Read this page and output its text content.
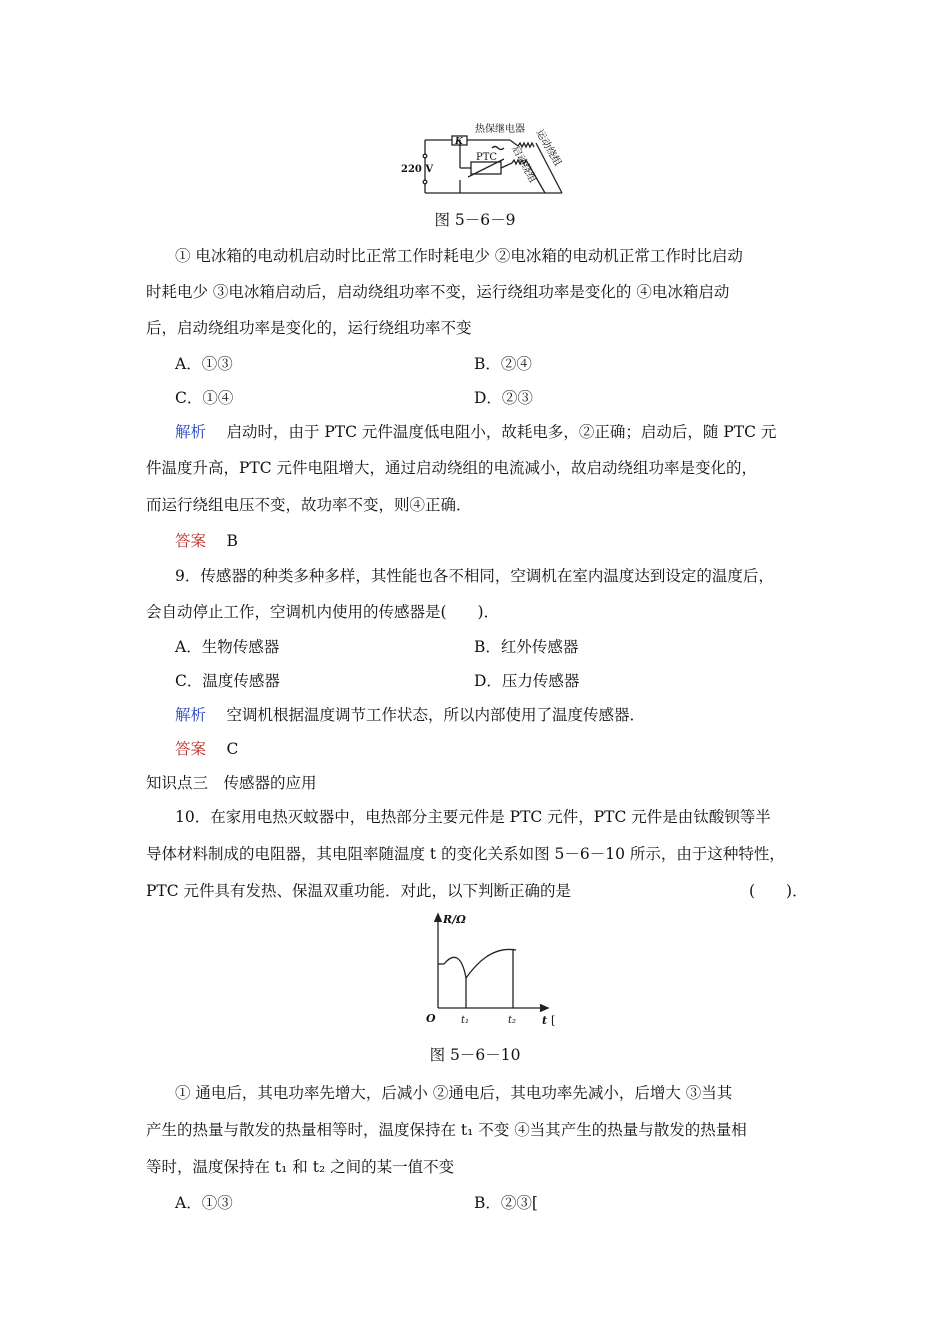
热保继电器
K
PTC
220 V
运动绕组
启动绕组
图 5－6－9
① 电冰箱的电动机启动时比正常工作时耗电少 ②电冰箱的电动机正常工作时比启动
时耗电少 ③电冰箱启动后，启动绕组功率不变，运行绕组功率是变化的 ④电冰箱启动
后，启动绕组功率是变化的，运行绕组功率不变
A．①③	B．②④
C．①④	D．②③
解析　 启动时，由于 PTC 元件温度低电阻小，故耗电多，②正确；启动后，随 PTC 元
件温度升高，PTC 元件电阻增大，通过启动绕组的电流减小，故启动绕组功率是变化的，
而运行绕组电压不变，故功率不变，则④正确．
答案　 B
9．传感器的种类多种多样，其性能也各不相同，空调机在室内温度达到设定的温度后，
会自动停止工作，空调机内使用的传感器是(　　)．
A．生物传感器	B．红外传感器
C．温度传感器	D．压力传感器
解析　 空调机根据温度调节工作状态，所以内部使用了温度传感器．
答案　 C
知识点三　传感器的应用
10．在家用电热灭蚊器中，电热部分主要元件是 PTC 元件，PTC 元件是由钛酸钡等半
导体材料制成的电阻器，其电阻率随温度 t 的变化关系如图 5－6－10 所示，由于这种特性，
PTC 元件具有发热、保温双重功能．对此，以下判断正确的是	(　　)．
R/Ω
O	t₁	t₂ t [
图 5－6－10
① 通电后，其电功率先增大，后减小 ②通电后，其电功率先减小，后增大 ③当其
产生的热量与散发的热量相等时，温度保持在 t₁ 不变 ④当其产生的热量与散发的热量相
等时，温度保持在 t₁ 和 t₂ 之间的某一值不变
A．①③	B．②③[
